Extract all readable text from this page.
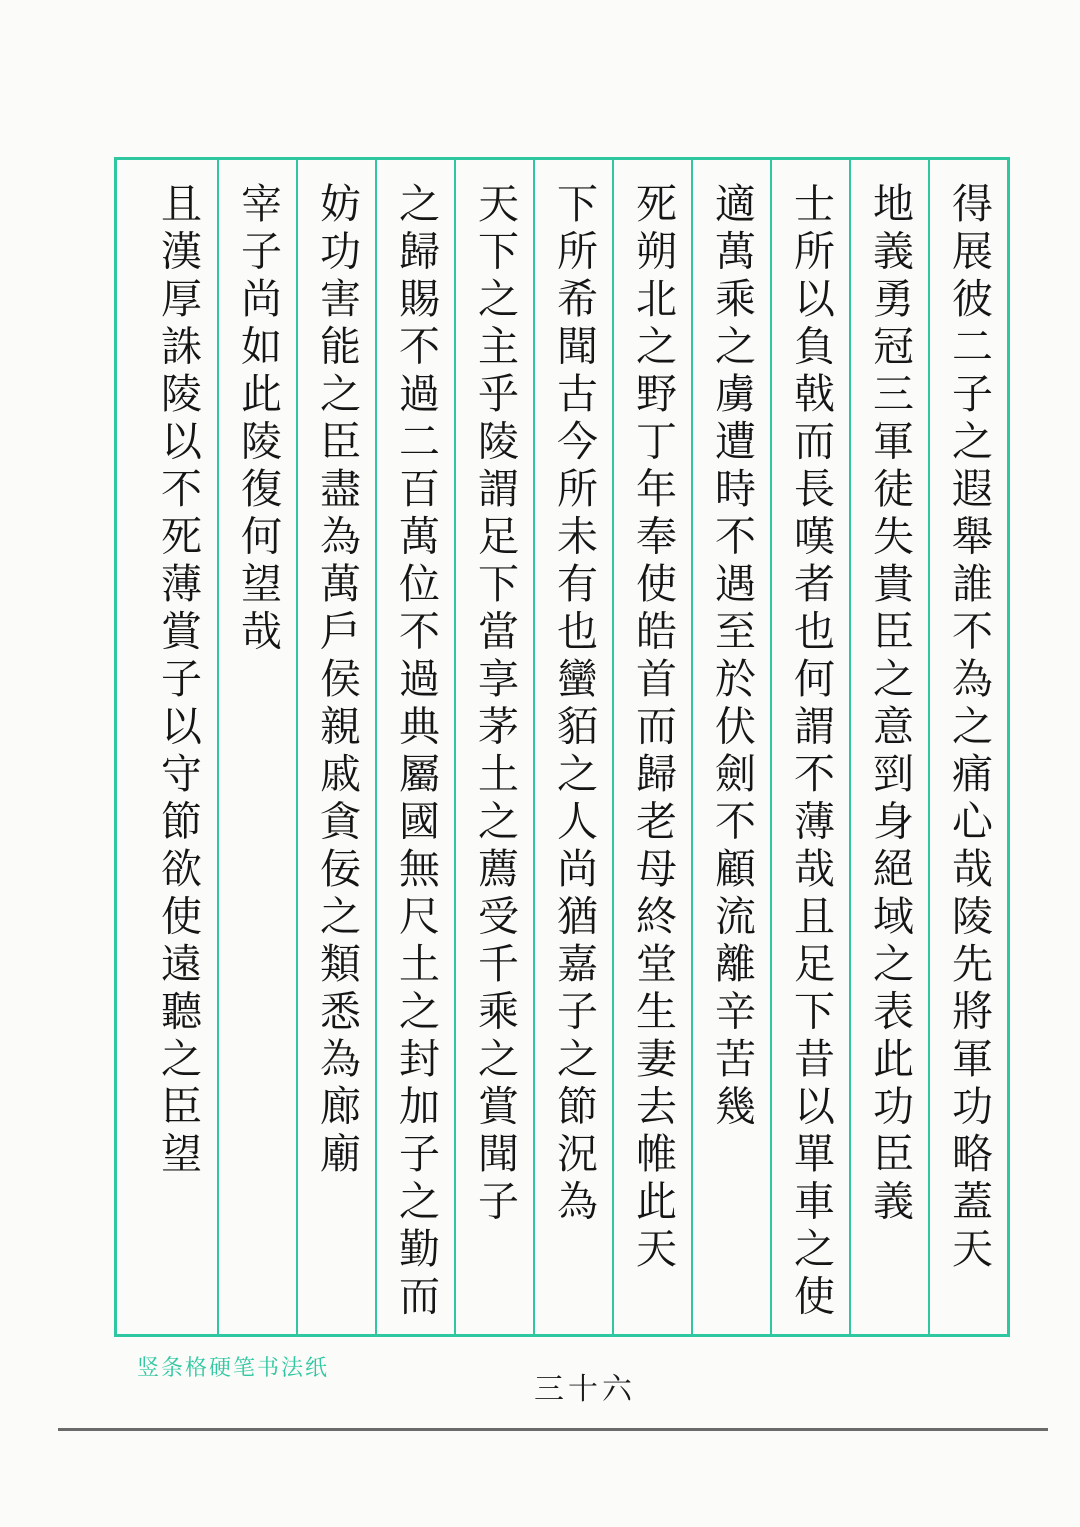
得展彼二子之遐舉誰不為之痛心哉陵先將軍功略蓋天
地義勇冠三軍徒失貴臣之意剄身絕域之表此功臣義
士所以負戟而長嘆者也何謂不薄哉且足下昔以單車之使
適萬乘之虜遭時不遇至於伏劍不顧流離辛苦幾
死朔北之野丁年奉使皓首而歸老母終堂生妻去帷此天
下所希聞古今所未有也蠻貊之人尚猶嘉子之節況為
天下之主乎陵謂足下當享茅土之薦受千乘之賞聞子
之歸賜不過二百萬位不過典屬國無尺土之封加子之勤而
妨功害能之臣盡為萬戶侯親戚貪佞之類悉為廊廟
宰子尚如此陵復何望哉
且漢厚誅陵以不死薄賞子以守節欲使遠聽之臣望
竖条格硬笔书法纸
三十六
